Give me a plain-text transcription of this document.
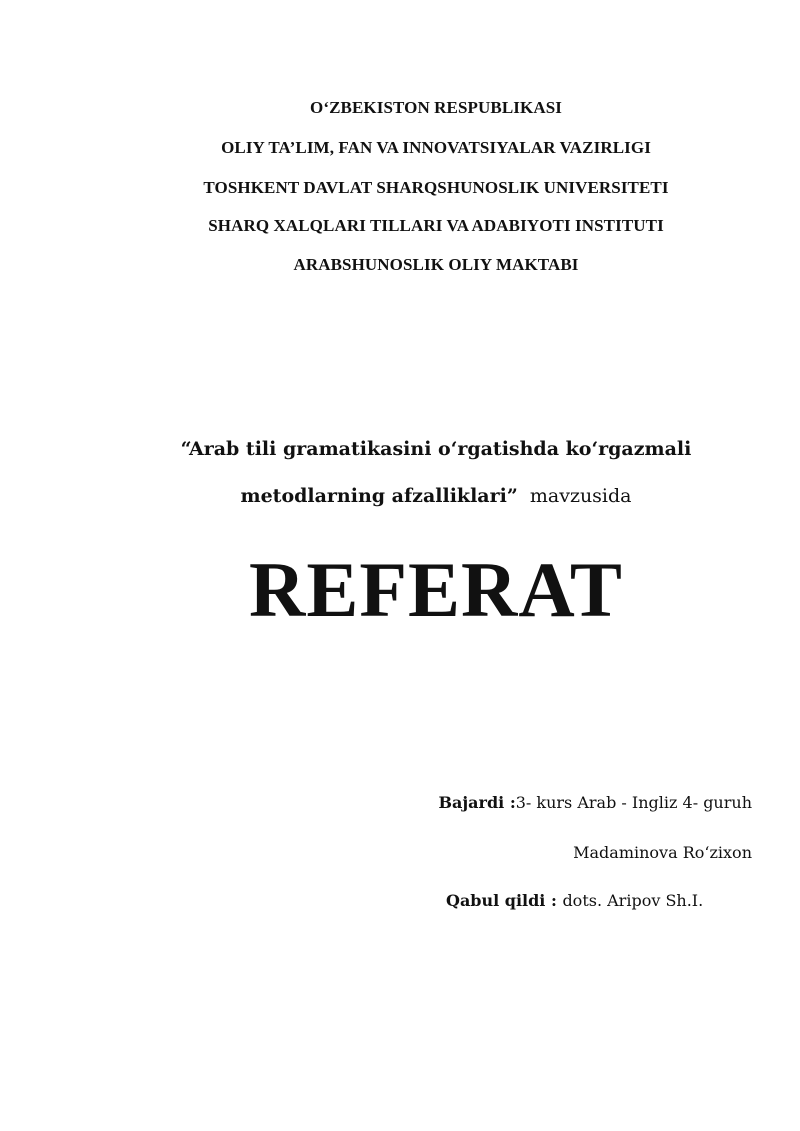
O‘ZBEKISTON RESPUBLIKASI
OLIY TA’LIM, FAN VA INNOVATSIYALAR VAZIRLIGI
TOSHKENT DAVLAT SHARQSHUNOSLIK UNIVERSITETI
SHARQ XALQLARI TILLARI VA ADABIYOTI INSTITUTI
ARABSHUNOSLIK OLIY MAKTABI
“Arab tili gramatikasini o‘rgatishda ko‘rgazmali
metodlarning afzalliklari”  mavzusida
REFERAT
Bajardi :3- kurs Arab - Ingliz 4- guruh
Madaminova Ro‘zixon
Qabul qildi : dots. Aripov Sh.I.
